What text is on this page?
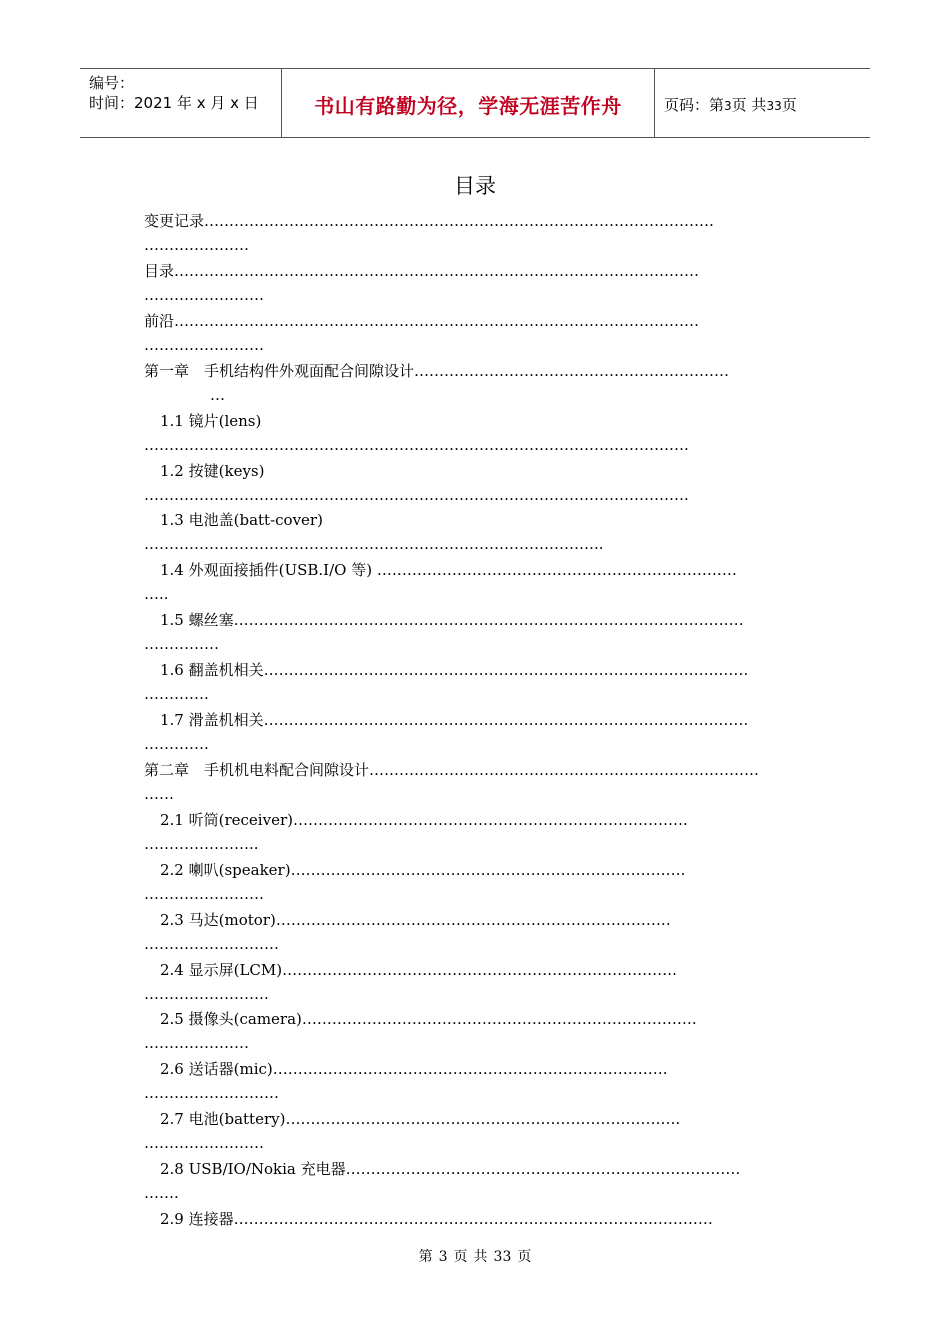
编号：
时间：2021 年 x 月 x 日	书山有路勤为径，学海无涯苦作舟	页码：第3页 共33页
目录
变更记录…………………………………………………………………………………………
…………………
目录……………………………………………………………………………………………
……………………
前沿……………………………………………………………………………………………
……………………
第一章　手机结构件外观面配合间隙设计………………………………………………………
…
1.1 镜片(lens)
……………………………………………………………………………………………….
1.2 按键(keys)
……………………………………………………………………………………………….
1.3 电池盖(batt-cover)
………………………………………………………………………………..
1.4 外观面接插件(USB.I/O 等) ………………………………………………………………
…..
1.5 螺丝塞…………………………………………………………………………………………
……………
1.6 翻盖机相关……………………………………………………………………………….……
………….
1.7 滑盖机相关……………………………………………………………………………….……
………….
第二章　手机机电料配合间隙设计……………………………………………………………………
……
2.1 听筒(receiver)…………………………………………………………………….
…………………..
2.2 喇叭(speaker)…………………………………………………………………….
……………………
2.3 马达(motor)…………………………………………………………………….
………………………
2.4 显示屏(LCM)…………………………………………………………………….
…………………….
2.5 摄像头(camera)…………………………………………………………………….
…………………
2.6 送话器(mic)…………………………………………………………………….
………………………
2.7 电池(battery)…………………………………………………………………….
……………………
2.8 USB/IO/Nokia 充电器…………………………………………………….………………
…….
2.9 连接器…………………………………………………….…………………..…………
第 3 页 共 33 页
